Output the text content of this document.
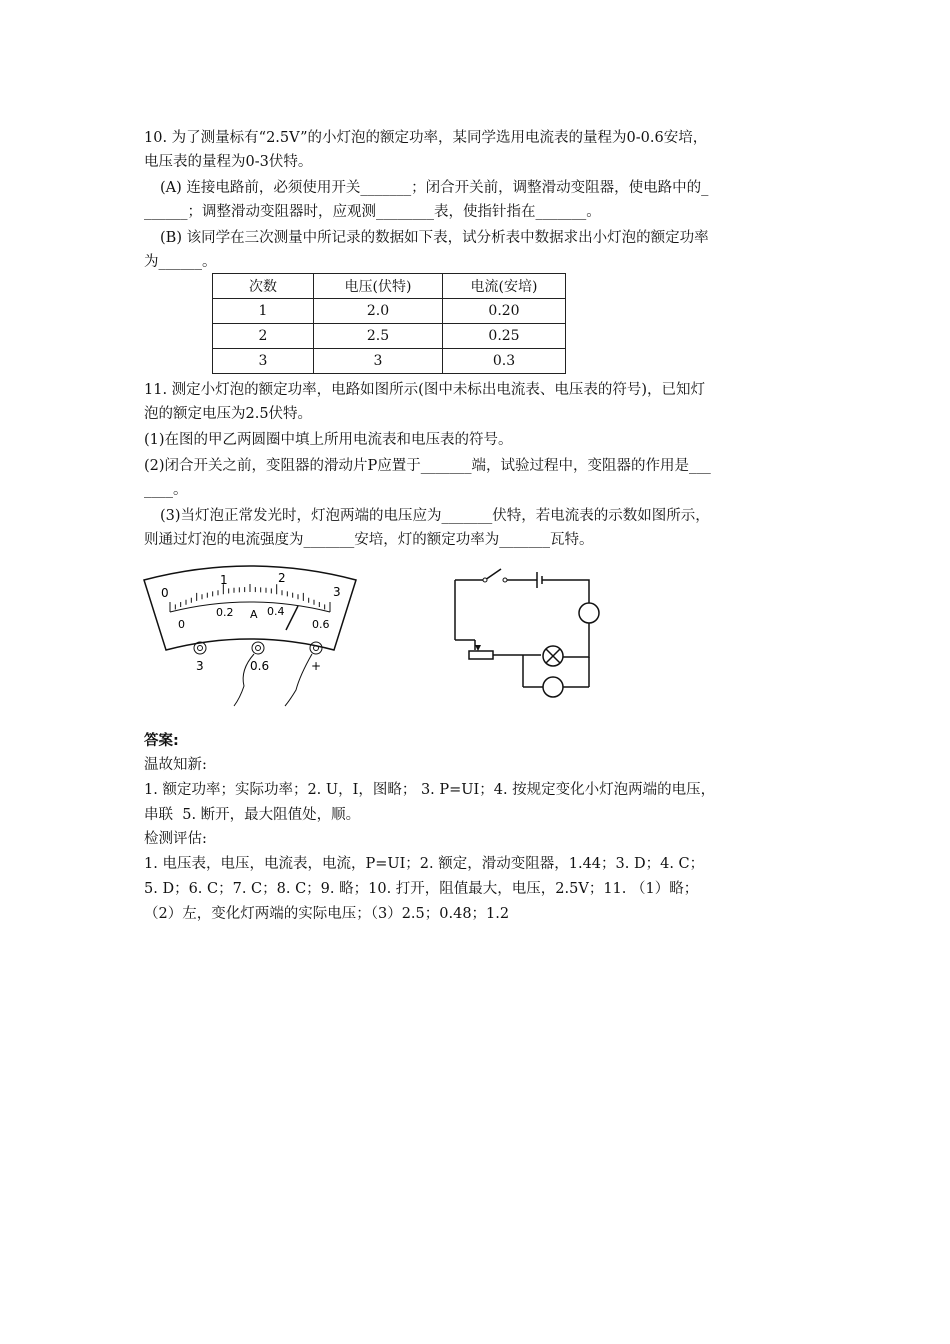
10. 为了测量标有“2.5V”的小灯泡的额定功率，某同学选用电流表的量程为0-0.6安培，
电压表的量程为0-3伏特。
(A) 连接电路前，必须使用开关_______；闭合开关前，调整滑动变阻器，使电路中的_
______；调整滑动变阻器时，应观测________表，使指针指在_______。
(B) 该同学在三次测量中所记录的数据如下表，试分析表中数据求出小灯泡的额定功率
为______。
次数	电压(伏特)	电流(安培)
1	2.0	0.20
2	2.5	0.25
3	3	0.3
11. 测定小灯泡的额定功率，电路如图所示(图中未标出电流表、电压表的符号)，已知灯
泡的额定电压为2.5伏特。
(1)在图的甲乙两圆圈中填上所用电流表和电压表的符号。
(2)闭合开关之前，变阻器的滑动片P应置于_______端，试验过程中，变阻器的作用是___
____。
(3)当灯泡正常发光时，灯泡两端的电压应为_______伏特，若电流表的示数如图所示，
则通过灯泡的电流强度为_______安培，灯的额定功率为_______瓦特。
0
1	2
3
0
0.2	0.4
0.6
A
3	0.6	+
答案:
温故知新:
1. 额定功率；实际功率；2. U，I，图略； 3. P=UI；4. 按规定变化小灯泡两端的电压，
串联  5. 断开，最大阻值处，顺。
检测评估:
1. 电压表，电压，电流表，电流，P=UI；2. 额定，滑动变阻器，1.44；3. D；4. C；
5. D；6. C；7. C；8. C；9. 略；10. 打开，阻值最大，电压，2.5V；11. （1）略；
（2）左，变化灯两端的实际电压；（3）2.5；0.48；1.2
